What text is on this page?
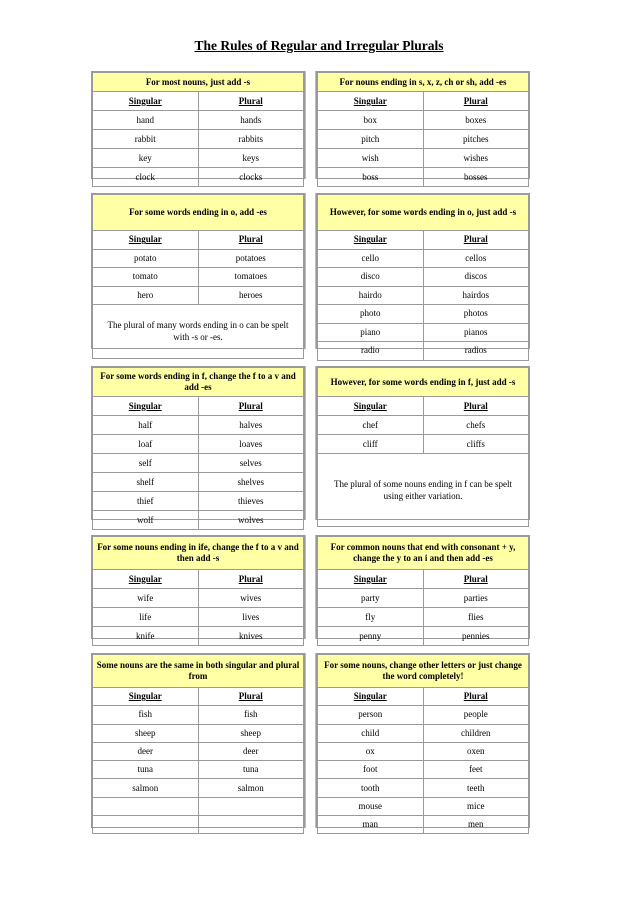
The Rules of Regular and Irregular Plurals
For most nouns, just add -s	
Singular	Plural
hand	hands
rabbit	rabbits
key	keys
clock	clocks
For nouns ending in s, x, z, ch or sh, add -es	
Singular	Plural
box	boxes
pitch	pitches
wish	wishes
boss	bosses
For some words ending in o, add -es	
Singular	Plural
potato	potatoes
tomato	tomatoes
hero	heroes
The plural of many words ending in o can be spelt with -s or -es.	
However, for some words ending in o, just add -s	
Singular	Plural
cello	cellos
disco	discos
hairdo	hairdos
photo	photos
piano	pianos
radio	radios
For some words ending in f, change the f to a v and add -es	
Singular	Plural
half	halves
loaf	loaves
self	selves
shelf	shelves
thief	thieves
wolf	wolves
However, for some words ending in f, just add -s	
Singular	Plural
chef	chefs
cliff	cliffs
The plural of some nouns ending in f can be spelt using either variation.	
For some nouns ending in ife, change the f to a v and then add -s	
Singular	Plural
wife	wives
life	lives
knife	knives
For common nouns that end with consonant + y, change the y to an i and then add -es	
Singular	Plural
party	parties
fly	flies
penny	pennies
Some nouns are the same in both singular and plural from	
Singular	Plural
fish	fish
sheep	sheep
deer	deer
tuna	tuna
salmon	salmon

For some nouns, change other letters or just change the word completely!	
Singular	Plural
person	people
child	children
ox	oxen
foot	feet
tooth	teeth
mouse	mice
man	men
